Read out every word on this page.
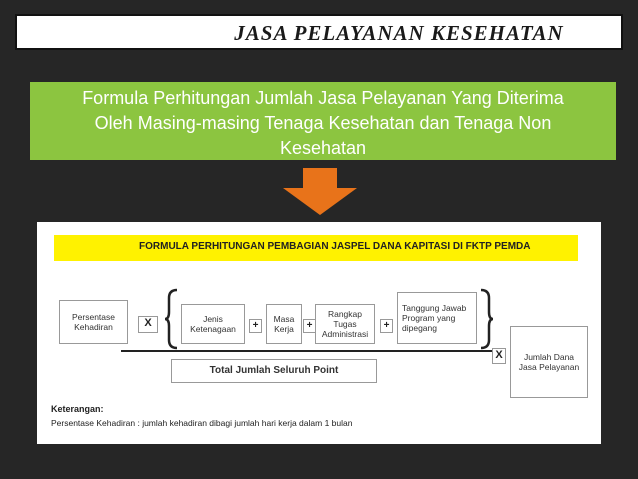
JASA PELAYANAN KESEHATAN
Formula Perhitungan Jumlah Jasa Pelayanan Yang Diterima
Oleh Masing-masing Tenaga Kesehatan dan Tenaga Non
Kesehatan
FORMULA PERHITUNGAN PEMBAGIAN JASPEL DANA KAPITASI DI FKTP PEMDA
Persentase
Kehadiran	X	Jenis
Ketenagaan	+
Masa
Kerja	+
Rangkap
Tugas
Administrasi
+
Tanggung Jawab
Program yang
dipegang
Total Jumlah Seluruh Point
X	Jumlah Dana
Jasa Pelayanan
Keterangan:
Persentase Kehadiran : jumlah kehadiran dibagi jumlah hari kerja dalam 1 bulan
